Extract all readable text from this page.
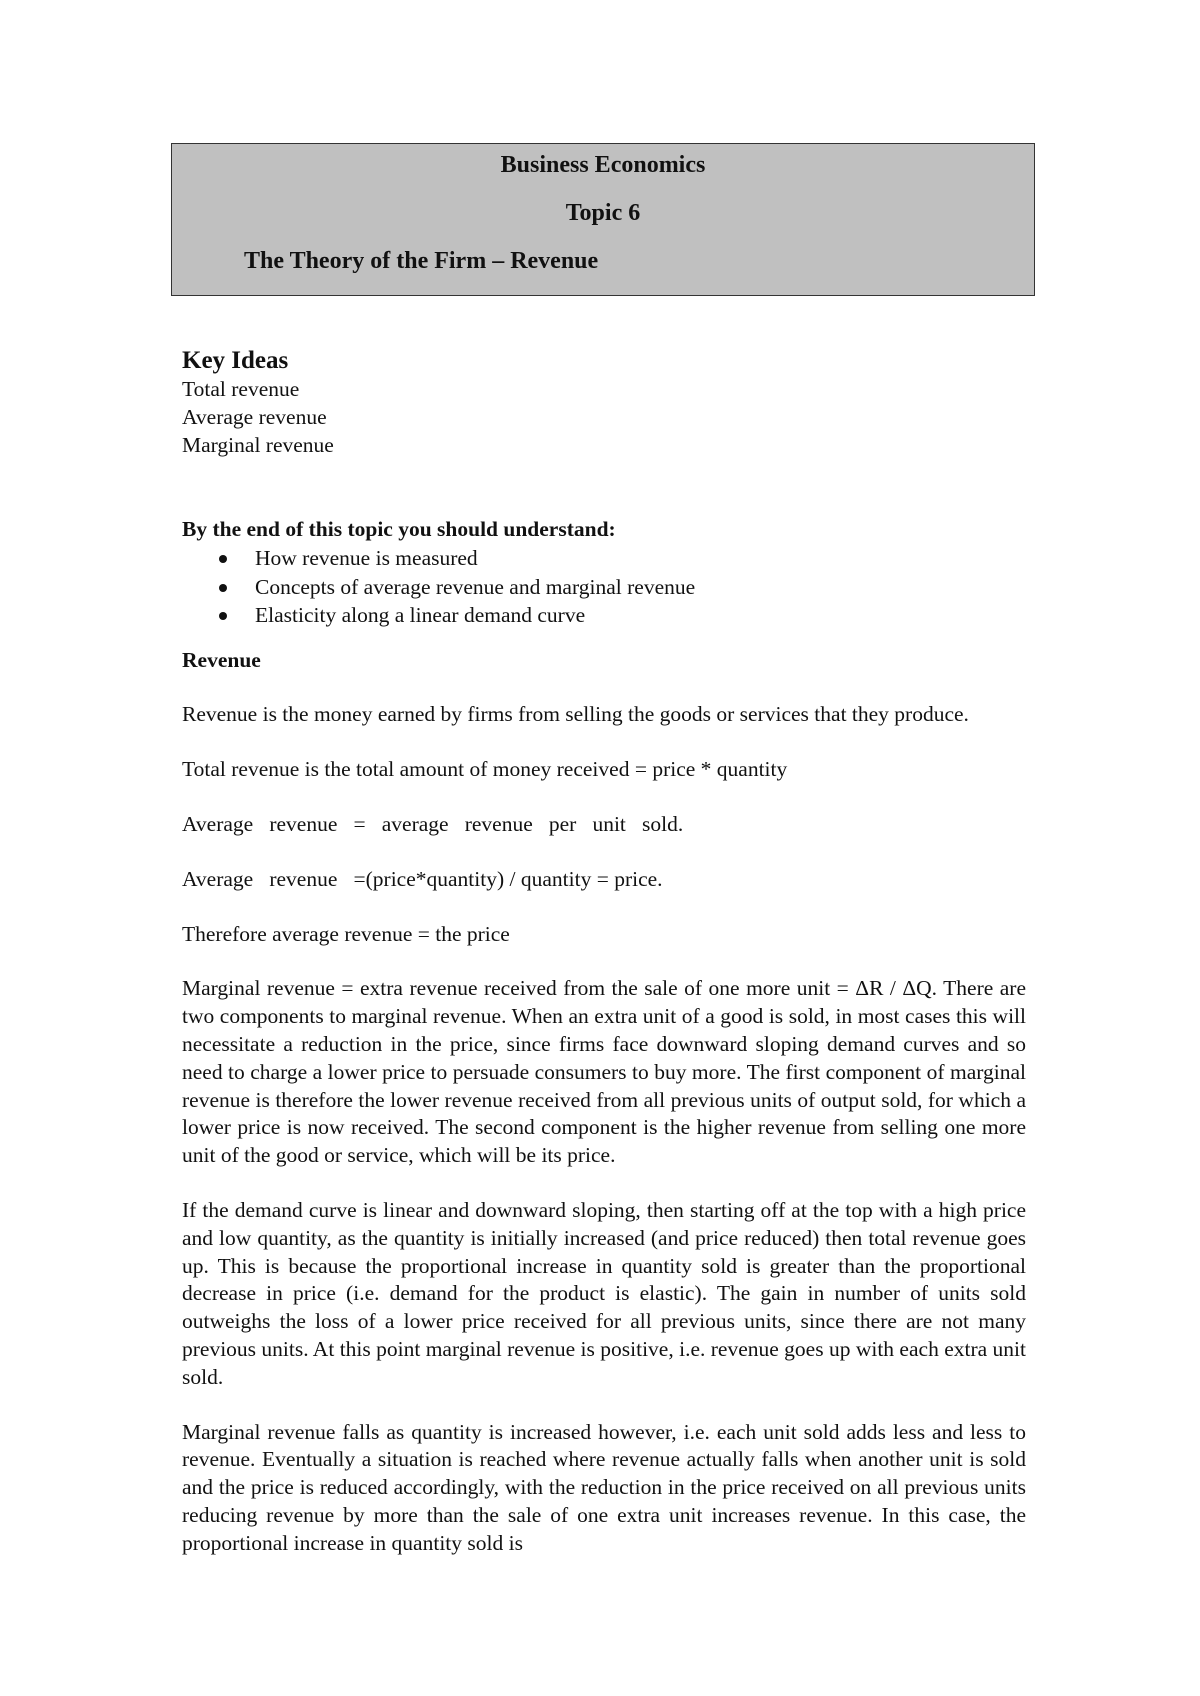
Business Economics
Topic 6
The Theory of the Firm – Revenue

Key Ideas

Total revenue

Average revenue

Marginal revenue

By the end of this topic you should understand:

How revenue is measured
Concepts of average revenue and marginal revenue
Elasticity along a linear demand curve

Revenue

Revenue is the money earned by firms from selling the goods or services that they produce.

Total revenue is the total amount of money received = price * quantity

Average   revenue   =   average   revenue   per   unit   sold.

Average   revenue   =(price*quantity) / quantity = price.

Therefore average revenue = the price

Marginal revenue = extra revenue received from the sale of one more unit = ΔR / ΔQ. There are two components to marginal revenue. When an extra unit of a good is sold, in most cases this will necessitate a reduction in the price, since firms face downward sloping demand curves and so need to charge a lower price to persuade consumers to buy more. The first component of marginal revenue is therefore the lower revenue received from all previous units of output sold, for which a lower price is now received. The second component is the higher revenue from selling one more unit of the good or service, which will be its price.

If the demand curve is linear and downward sloping, then starting off at the top with a high price and low quantity, as the quantity is initially increased (and price reduced) then total revenue goes up. This is because the proportional increase in quantity sold is greater than the proportional decrease in price (i.e. demand for the product is elastic). The gain in number of units sold outweighs the loss of a lower price received for all previous units, since there are not many previous units. At this point marginal revenue is positive, i.e. revenue goes up with each extra unit sold.

Marginal revenue falls as quantity is increased however, i.e. each unit sold adds less and less to revenue. Eventually a situation is reached where revenue actually falls when another unit is sold and the price is reduced accordingly, with the reduction in the price received on all previous units reducing revenue by more than the sale of one extra unit increases revenue. In this case, the proportional increase in quantity sold is
